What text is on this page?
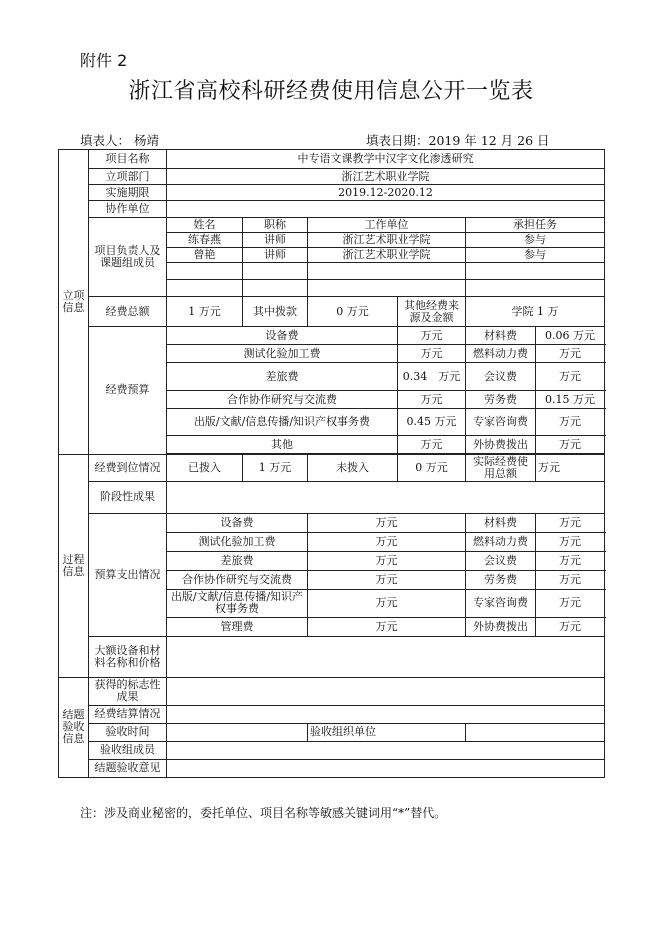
附件 2
浙江省高校科研经费使用信息公开一览表
填表人： 杨靖	填表日期：2019 年 12 月 26 日
立项信息	项目名称	中专语文课教学中汉字文化渗透研究					
	立项部门	浙江艺术职业学院					
	实施期限	2019.12-2020.12					
	协作单位						
	项目负责人及课题组成员	姓名	职称	工作单位		承担任务	
		练春燕	讲师	浙江艺术职业学院		参与	
		曾艳	讲师	浙江艺术职业学院		参与	

	经费总额	1 万元	其中拨款	0 万元	其他经费来源及金额	学院 1 万	
	经费预算	设备费			万元	材料费	0.06 万元
		测试化验加工费			万元	燃料动力费	万元
		差旅费			0.34　万元	会议费	万元
		合作协作研究与交流费			万元	劳务费	0.15 万元
		出版/文献/信息传播/知识产权事务费			0.45 万元	专家咨询费	万元
		其他			万元	外协费拨出	万元

过程信息	经费到位情况	已拨入	1 万元	未拨入	0 万元	实际经费使用总额	万元
	阶段性成果						
	预算支出情况	设备费		万元		材料费	万元
		测试化验加工费		万元		燃料动力费	万元
		差旅费		万元		会议费	万元
		合作协作研究与交流费		万元		劳务费	万元
		出版/文献/信息传播/知识产权事务费		万元		专家咨询费	万元
		管理费		万元		外协费拨出	万元
	大额设备和材料名称和价格						

结题验收信息	获得的标志性成果						
	经费结算情况						
	验收时间			验收组织单位			
	验收组成员						
	结题验收意见						
注：涉及商业秘密的，委托单位、项目名称等敏感关键词用“*”替代。
